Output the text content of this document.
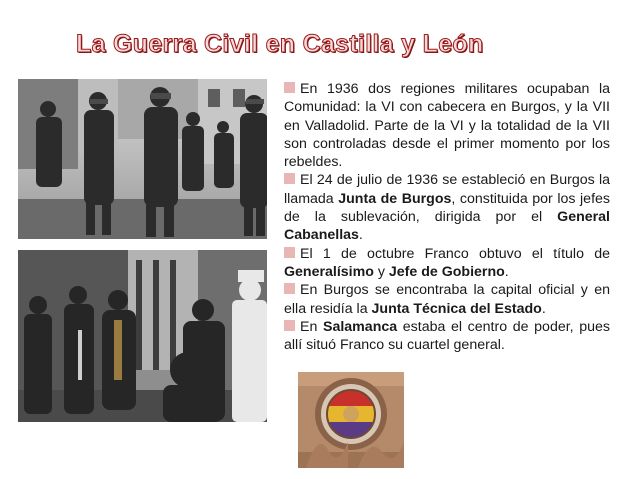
La Guerra Civil en Castilla y León

En 1936 dos regiones militares ocupaban la Comunidad: la VI con cabecera en Burgos, y la VII en Valladolid. Parte de la VI y la totalidad de la VII son controladas desde el primer momento por los rebeldes.

El 24 de julio de 1936 se estableció en Burgos la llamada Junta de Burgos, constituida por los jefes de la sublevación, dirigida por el General Cabanellas.

El 1 de octubre Franco obtuvo el título de Generalísimo y Jefe de Gobierno.

En Burgos se encontraba la capital oficial y en ella residía la Junta Técnica del Estado.

En Salamanca estaba el centro de poder, pues allí situó Franco su cuartel general.
